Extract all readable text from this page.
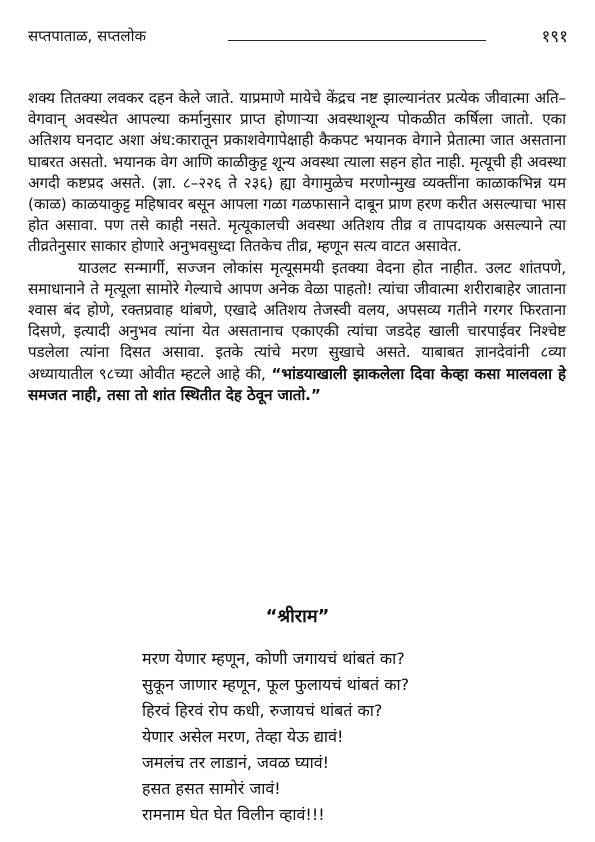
सप्तपाताळ, सप्तलोक	१९१

शक्य तितक्या लवकर दहन केले जाते. याप्रमाणे मायेचे केंद्रच नष्ट झाल्यानंतर प्रत्येक जीवात्मा अति–वेगवान् अवस्थेत आपल्या कर्मानुसार प्राप्त होणाऱ्या अवस्थाशून्य पोकळीत कर्षिला जातो. एका अतिशय घनदाट अशा अंध:कारातून प्रकाशवेगापेक्षाही कैकपट भयानक वेगाने प्रेतात्मा जात असताना घाबरत असतो. भयानक वेग आणि काळीकुट्ट शून्य अवस्था त्याला सहन होत नाही. मृत्यूची ही अवस्था अगदी कष्टप्रद असते. (ज्ञा. ८–२२६ ते २३६) ह्या वेगामुळेच मरणोन्मुख व्यक्तींना काळाकभिन्न यम (काळ) काळयाकुट्ट महिषावर बसून आपला गळा गळफासाने दाबून प्राण हरण करीत असल्याचा भास होत असावा. पण तसे काही नसते. मृत्यूकालची अवस्था अतिशय तीव्र व तापदायक असल्याने त्या तीव्रतेनुसार साकार होणारे अनुभवसुध्दा तितकेच तीव्र, म्हणून सत्य वाटत असावेत.

याउलट सन्मार्गी, सज्जन लोकांस मृत्यूसमयी इतक्या वेदना होत नाहीत. उलट शांतपणे, समाधानाने ते मृत्यूला सामोरे गेल्याचे आपण अनेक वेळा पाहतो! त्यांचा जीवात्मा शरीराबाहेर जाताना श्वास बंद होणे, रक्तप्रवाह थांबणे, एखादे अतिशय तेजस्वी वलय, अपसव्य गतीने गरगर फिरताना दिसणे, इत्यादी अनुभव त्यांना येत असतानाच एकाएकी त्यांचा जडदेह खाली चारपाईवर निश्चेष्ट पडलेला त्यांना दिसत असावा. इतके त्यांचे मरण सुखाचे असते. याबाबत ज्ञानदेवांनी ८व्या अध्यायातील ९८च्या ओवीत म्हटले आहे की, “भांडयाखाली झाकलेला दिवा केव्हा कसा मालवला हे समजत नाही, तसा तो शांत स्थितीत देह ठेवून जातो.”

“श्रीराम”
मरण येणार म्हणून, कोणी जगायचं थांबतं का?
सुकून जाणार म्हणून, फूल फुलायचं थांबतं का?
हिरवं हिरवं रोप कधी, रुजायचं थांबतं का?
येणार असेल मरण, तेव्हा येऊ द्यावं!
जमलंच तर लाडानं, जवळ घ्यावं!
हसत हसत सामोरं जावं!
रामनाम घेत घेत विलीन व्हावं!!!
